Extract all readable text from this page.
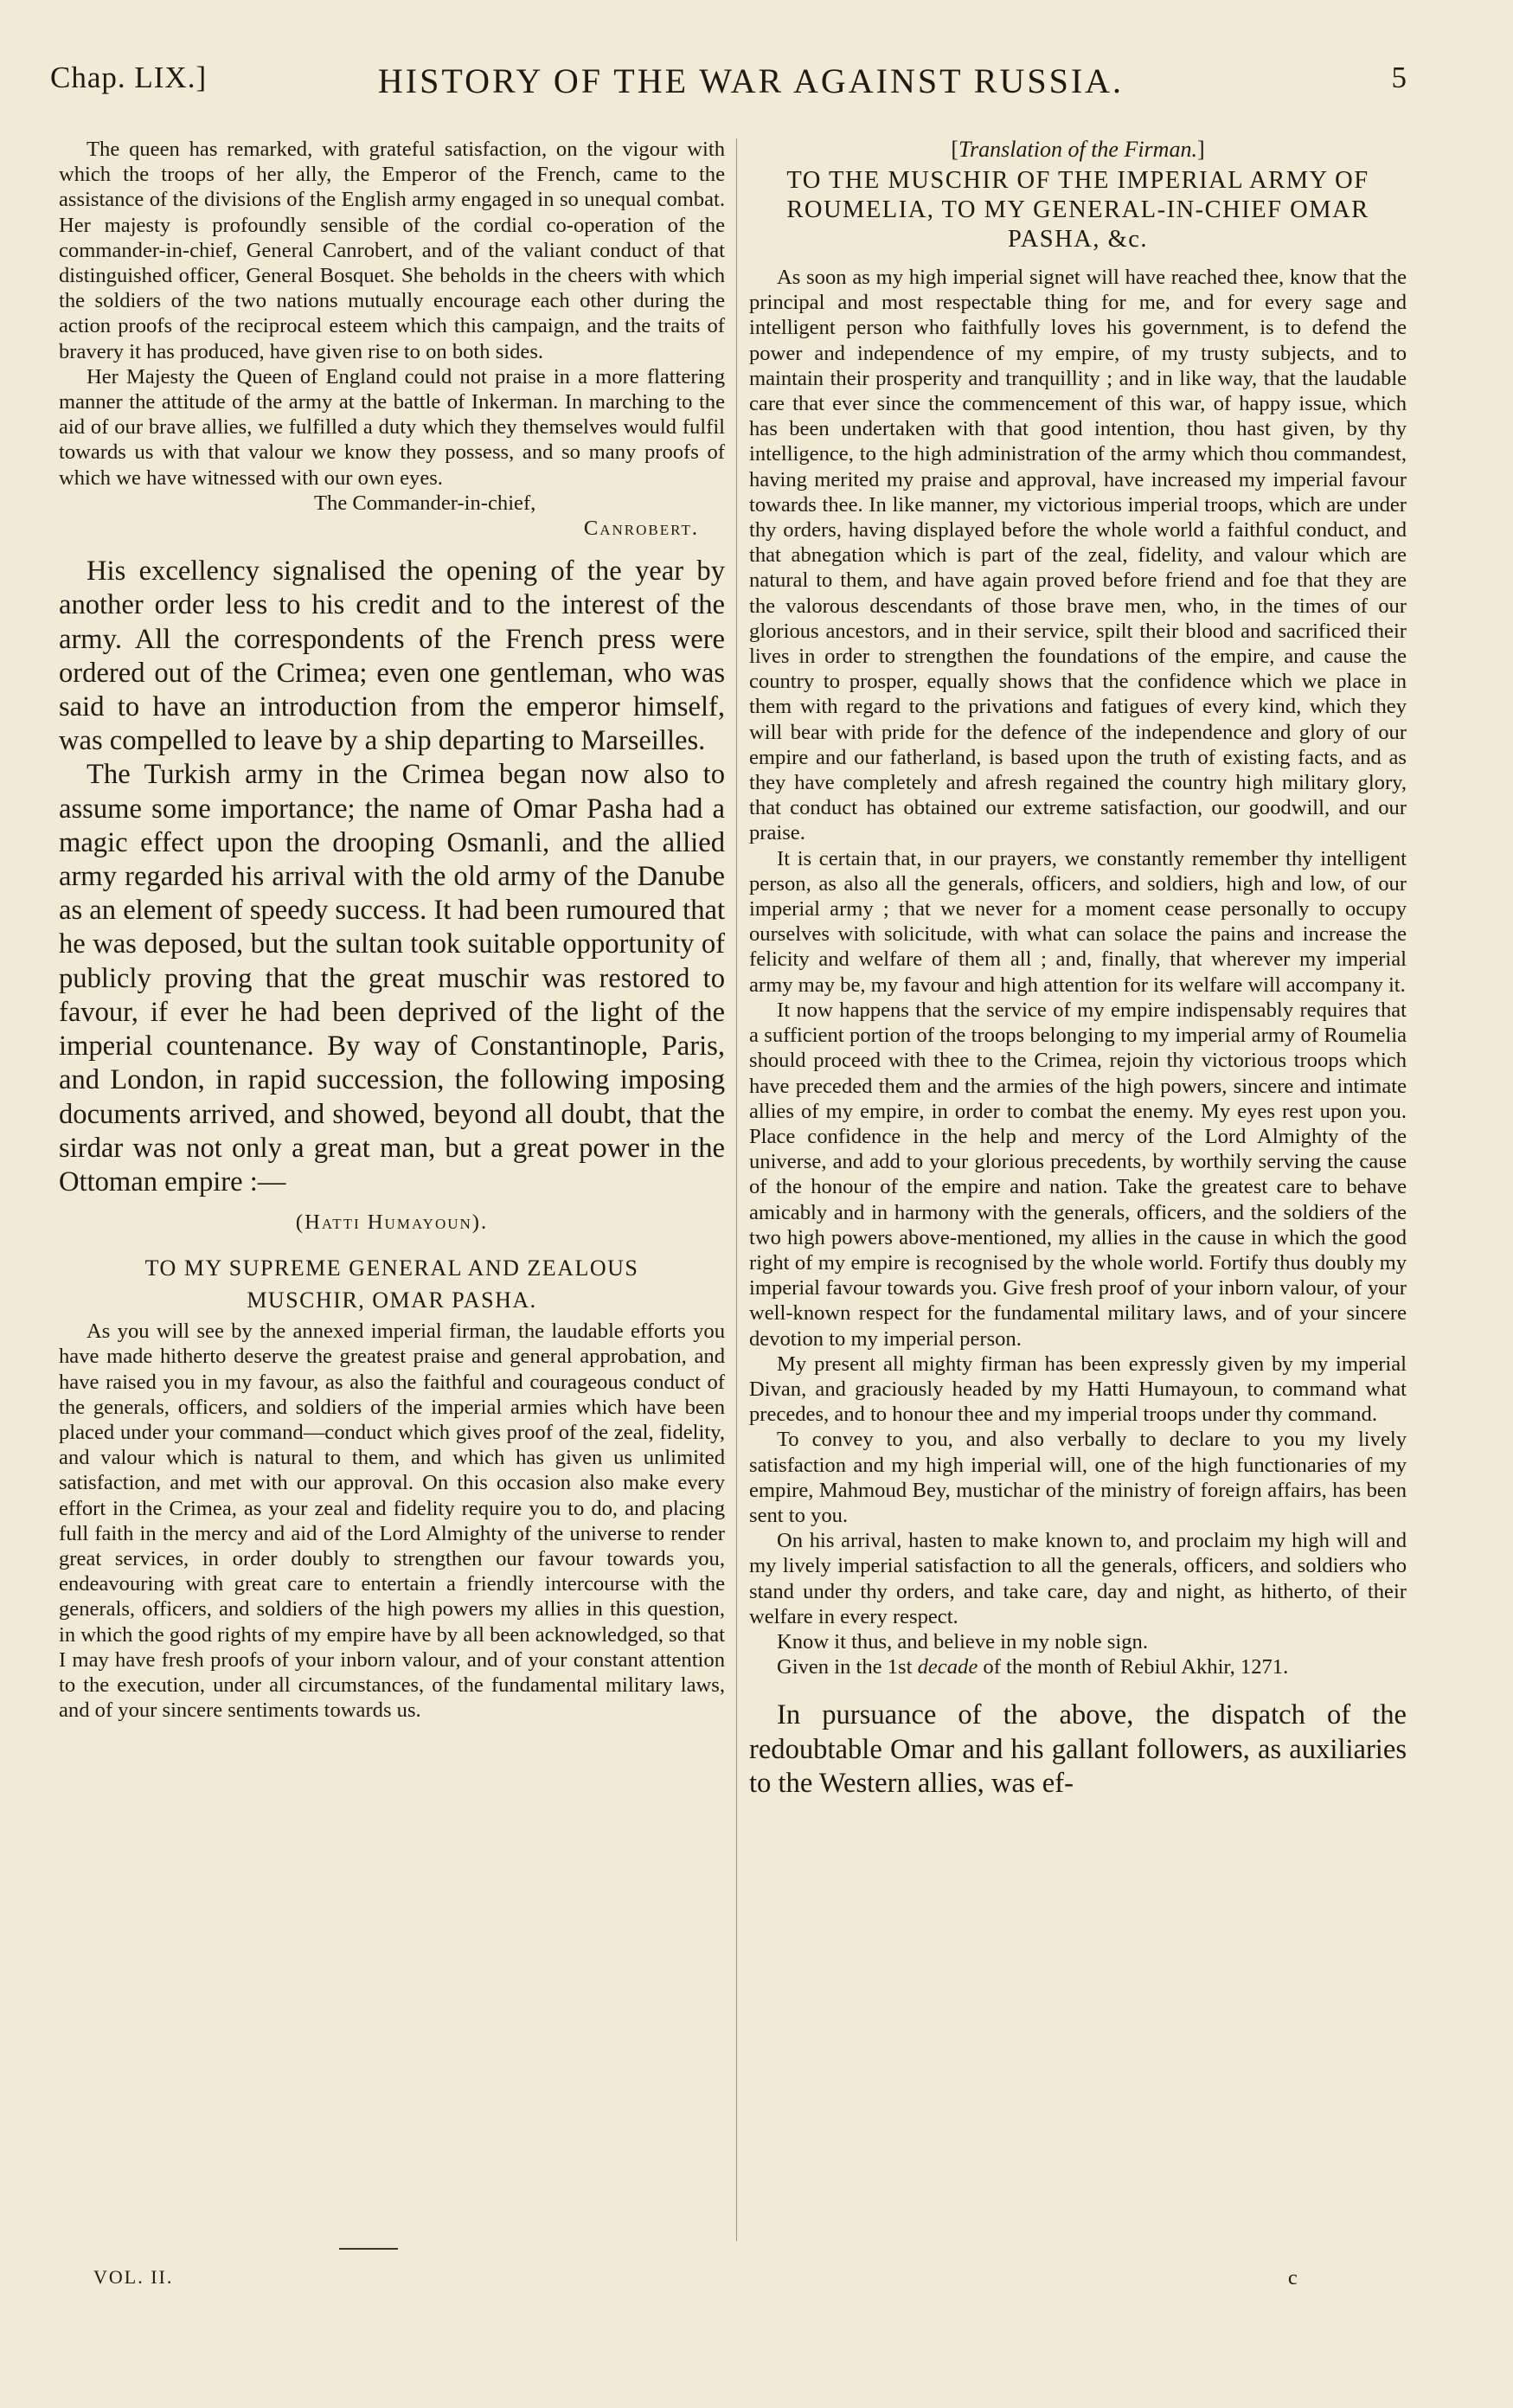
Chap. LIX.]	HISTORY OF THE WAR AGAINST RUSSIA.	5

The queen has remarked, with grateful satisfaction, on the vigour with which the troops of her ally, the Emperor of the French, came to the assistance of the divisions of the English army engaged in so unequal combat. Her majesty is profoundly sensible of the cordial co-operation of the commander-in-chief, General Canrobert, and of the valiant conduct of that distinguished officer, General Bosquet. She beholds in the cheers with which the soldiers of the two nations mutually encourage each other during the action proofs of the reciprocal esteem which this campaign, and the traits of bravery it has produced, have given rise to on both sides.

Her Majesty the Queen of England could not praise in a more flattering manner the attitude of the army at the battle of Inkerman. In marching to the aid of our brave allies, we fulfilled a duty which they themselves would fulfil towards us with that valour we know they possess, and so many proofs of which we have witnessed with our own eyes.

The Commander-in-chief,
Canrobert.

His excellency signalised the opening of the year by another order less to his credit and to the interest of the army. All the correspondents of the French press were ordered out of the Crimea; even one gentleman, who was said to have an introduction from the emperor himself, was compelled to leave by a ship departing to Marseilles.

The Turkish army in the Crimea began now also to assume some importance; the name of Omar Pasha had a magic effect upon the drooping Osmanli, and the allied army regarded his arrival with the old army of the Danube as an element of speedy success. It had been rumoured that he was deposed, but the sultan took suitable opportunity of publicly proving that the great muschir was restored to favour, if ever he had been deprived of the light of the imperial countenance. By way of Constantinople, Paris, and London, in rapid succession, the following imposing documents arrived, and showed, beyond all doubt, that the sirdar was not only a great man, but a great power in the Ottoman empire :—

(Hatti Humayoun).
TO MY SUPREME GENERAL AND ZEALOUS
MUSCHIR, OMAR PASHA.

As you will see by the annexed imperial firman, the laudable efforts you have made hitherto deserve the greatest praise and general approbation, and have raised you in my favour, as also the faithful and courageous conduct of the generals, officers, and soldiers of the imperial armies which have been placed under your command—conduct which gives proof of the zeal, fidelity, and valour which is natural to them, and which has given us unlimited satisfaction, and met with our approval. On this occasion also make every effort in the Crimea, as your zeal and fidelity require you to do, and placing full faith in the mercy and aid of the Lord Almighty of the universe to render great services, in order doubly to strengthen our favour towards you, endeavouring with great care to entertain a friendly intercourse with the generals, officers, and soldiers of the high powers my allies in this question, in which the good rights of my empire have by all been acknowledged, so that I may have fresh proofs of your inborn valour, and of your constant attention to the execution, under all circumstances, of the fundamental military laws, and of your sincere sentiments towards us.

[Translation of the Firman.]
TO THE MUSCHIR OF THE IMPERIAL ARMY OF
ROUMELIA, TO MY GENERAL-IN-CHIEF OMAR
PASHA, &c.

As soon as my high imperial signet will have reached thee, know that the principal and most respectable thing for me, and for every sage and intelligent person who faithfully loves his government, is to defend the power and independence of my empire, of my trusty subjects, and to maintain their prosperity and tranquillity ; and in like way, that the laudable care that ever since the commencement of this war, of happy issue, which has been undertaken with that good intention, thou hast given, by thy intelligence, to the high administration of the army which thou commandest, having merited my praise and approval, have increased my imperial favour towards thee. In like manner, my victorious imperial troops, which are under thy orders, having displayed before the whole world a faithful conduct, and that abnegation which is part of the zeal, fidelity, and valour which are natural to them, and have again proved before friend and foe that they are the valorous descendants of those brave men, who, in the times of our glorious ancestors, and in their service, spilt their blood and sacrificed their lives in order to strengthen the foundations of the empire, and cause the country to prosper, equally shows that the confidence which we place in them with regard to the privations and fatigues of every kind, which they will bear with pride for the defence of the independence and glory of our empire and our fatherland, is based upon the truth of existing facts, and as they have completely and afresh regained the country high military glory, that conduct has obtained our extreme satisfaction, our goodwill, and our praise.

It is certain that, in our prayers, we constantly remember thy intelligent person, as also all the generals, officers, and soldiers, high and low, of our imperial army ; that we never for a moment cease personally to occupy ourselves with solicitude, with what can solace the pains and increase the felicity and welfare of them all ; and, finally, that wherever my imperial army may be, my favour and high attention for its welfare will accompany it.

It now happens that the service of my empire indispensably requires that a sufficient portion of the troops belonging to my imperial army of Roumelia should proceed with thee to the Crimea, rejoin thy victorious troops which have preceded them and the armies of the high powers, sincere and intimate allies of my empire, in order to combat the enemy. My eyes rest upon you. Place confidence in the help and mercy of the Lord Almighty of the universe, and add to your glorious precedents, by worthily serving the cause of the honour of the empire and nation. Take the greatest care to behave amicably and in harmony with the generals, officers, and the soldiers of the two high powers above-mentioned, my allies in the cause in which the good right of my empire is recognised by the whole world. Fortify thus doubly my imperial favour towards you. Give fresh proof of your inborn valour, of your well-known respect for the fundamental military laws, and of your sincere devotion to my imperial person.

My present all mighty firman has been expressly given by my imperial Divan, and graciously headed by my Hatti Humayoun, to command what precedes, and to honour thee and my imperial troops under thy command.

To convey to you, and also verbally to declare to you my lively satisfaction and my high imperial will, one of the high functionaries of my empire, Mahmoud Bey, mustichar of the ministry of foreign affairs, has been sent to you.

On his arrival, hasten to make known to, and proclaim my high will and my lively imperial satisfaction to all the generals, officers, and soldiers who stand under thy orders, and take care, day and night, as hitherto, of their welfare in every respect.

Know it thus, and believe in my noble sign.

Given in the 1st decade of the month of Rebiul Akhir, 1271.

In pursuance of the above, the dispatch of the redoubtable Omar and his gallant followers, as auxiliaries to the Western allies, was ef-

VOL. II.	c
